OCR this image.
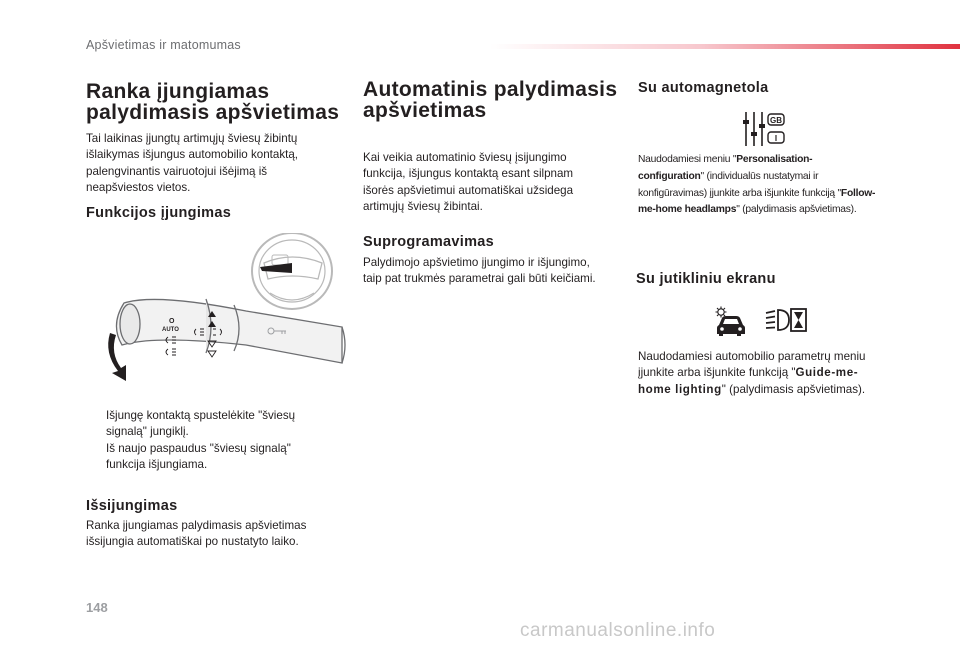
Apšvietimas ir matomumas
Ranka įjungiamas
palydimasis apšvietimas

Tai laikinas įjungtų artimųjų šviesų žibintų

išlaikymas išjungus automobilio kontaktą,

palengvinantis vairuotojui išėjimą iš

neapšviestos vietos.

Funkcijos įjungimas
O
AUTO
Išjungę kontaktą spustelėkite "šviesų
signalą" jungiklį.
Iš naujo paspaudus "šviesų signalą"
funkcija išjungiama.
Išsijungimas

Ranka įjungiamas palydimasis apšvietimas

išsijungia automatiškai po nustatyto laiko.

Automatinis palydimasis
apšvietimas

Kai veikia automatinio šviesų įsijungimo

funkcija, išjungus kontaktą esant silpnam

išorės apšvietimui automatiškai užsidega

artimųjų šviesų žibintai.

Suprogramavimas

Palydimojo apšvietimo įjungimo ir išjungimo,

taip pat trukmės parametrai gali būti keičiami.

Su automagnetola
GB
I

Naudodamiesi meniu "Personalisation-

configuration" (individualūs nustatymai ir

konfigūravimas) įjunkite arba išjunkite funkciją "Follow-

me-home headlamps" (palydimasis apšvietimas).

Su jutikliniu ekranu

Naudodamiesi automobilio parametrų meniu

įjunkite arba išjunkite funkciją "Guide-me-

home lighting" (palydimasis apšvietimas).

148
carmanualsonline.info
